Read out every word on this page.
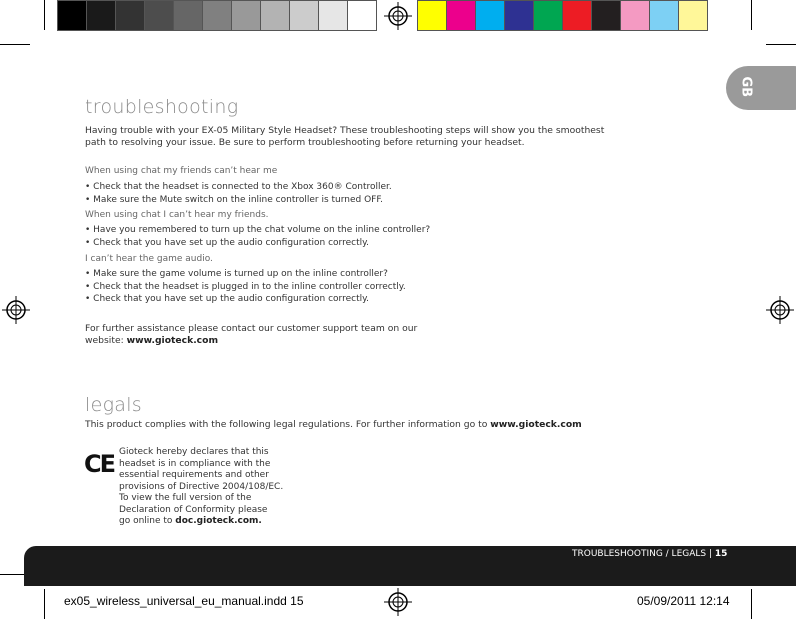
GB
troubleshooting
Having trouble with your EX-05 Military Style Headset? These troubleshooting steps will show you the smoothest
path to resolving your issue. Be sure to perform troubleshooting before returning your headset.
When using chat my friends can’t hear me
• Check that the headset is connected to the Xbox 360® Controller.
• Make sure the Mute switch on the inline controller is turned OFF.
When using chat I can’t hear my friends.
• Have you remembered to turn up the chat volume on the inline controller?
• Check that you have set up the audio configuration correctly.
I can’t hear the game audio.
• Make sure the game volume is turned up on the inline controller?
• Check that the headset is plugged in to the inline controller correctly.
• Check that you have set up the audio configuration correctly.
For further assistance please contact our customer support team on our
website: www.gioteck.com
legals
This product complies with the following legal regulations. For further information go to www.gioteck.com
CE Gioteck hereby declares that this
headset is in compliance with the
essential requirements and other
provisions of Directive 2004/108/EC.
To view the full version of the
Declaration of Conformity please
go online to doc.gioteck.com.
TROUBLESHOOTING / LEGALS | 15
ex05_wireless_universal_eu_manual.indd 15	05/09/2011 12:14
